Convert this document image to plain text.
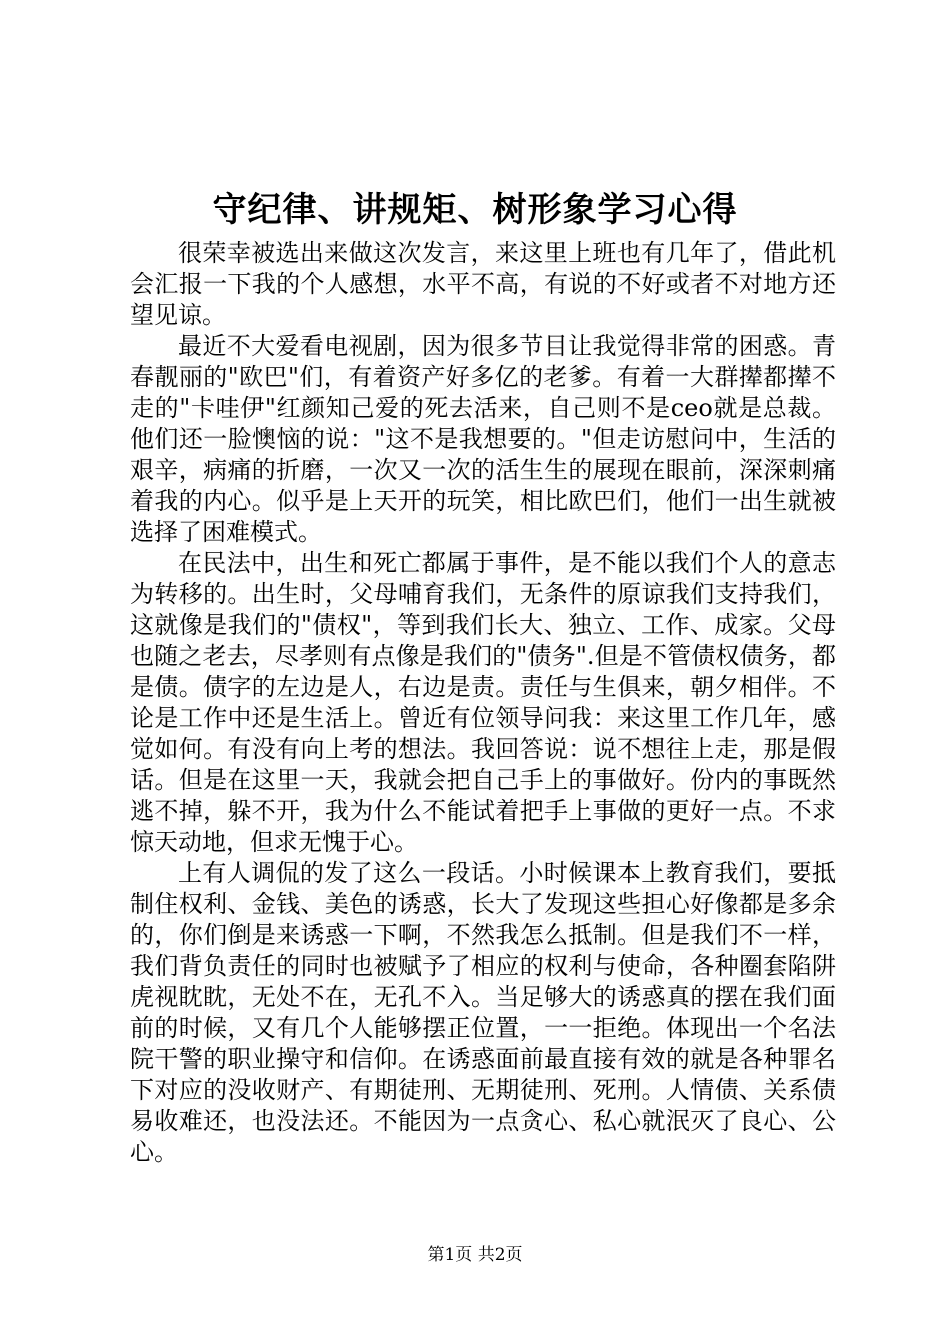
守纪律、讲规矩、树形象学习心得

很荣幸被选出来做这次发言，来这里上班也有几年了，借此机会汇报一下我的个人感想，水平不高，有说的不好或者不对地方还望见谅。

最近不大爱看电视剧，因为很多节目让我觉得非常的困惑。青春靓丽的"欧巴"们，有着资产好多亿的老爹。有着一大群撵都撵不走的"卡哇伊"红颜知己爱的死去活来，自己则不是ceo就是总裁。他们还一脸懊恼的说："这不是我想要的。"但走访慰问中，生活的艰辛，病痛的折磨，一次又一次的活生生的展现在眼前，深深刺痛着我的内心。似乎是上天开的玩笑，相比欧巴们，他们一出生就被选择了困难模式。

在民法中，出生和死亡都属于事件，是不能以我们个人的意志为转移的。出生时，父母哺育我们，无条件的原谅我们支持我们，这就像是我们的"债权"，等到我们长大、独立、工作、成家。父母也随之老去，尽孝则有点像是我们的"债务".但是不管债权债务，都是债。债字的左边是人，右边是责。责任与生俱来，朝夕相伴。不论是工作中还是生活上。曾近有位领导问我：来这里工作几年，感觉如何。有没有向上考的想法。我回答说：说不想往上走，那是假话。但是在这里一天，我就会把自己手上的事做好。份内的事既然逃不掉，躲不开，我为什么不能试着把手上事做的更好一点。不求惊天动地，但求无愧于心。

上有人调侃的发了这么一段话。小时候课本上教育我们，要抵制住权利、金钱、美色的诱惑，长大了发现这些担心好像都是多余的，你们倒是来诱惑一下啊，不然我怎么抵制。但是我们不一样，我们背负责任的同时也被赋予了相应的权利与使命，各种圈套陷阱虎视眈眈，无处不在，无孔不入。当足够大的诱惑真的摆在我们面前的时候，又有几个人能够摆正位置，一一拒绝。体现出一个名法院干警的职业操守和信仰。在诱惑面前最直接有效的就是各种罪名下对应的没收财产、有期徒刑、无期徒刑、死刑。人情债、关系债易收难还，也没法还。不能因为一点贪心、私心就泯灭了良心、公心。

第1页 共2页
